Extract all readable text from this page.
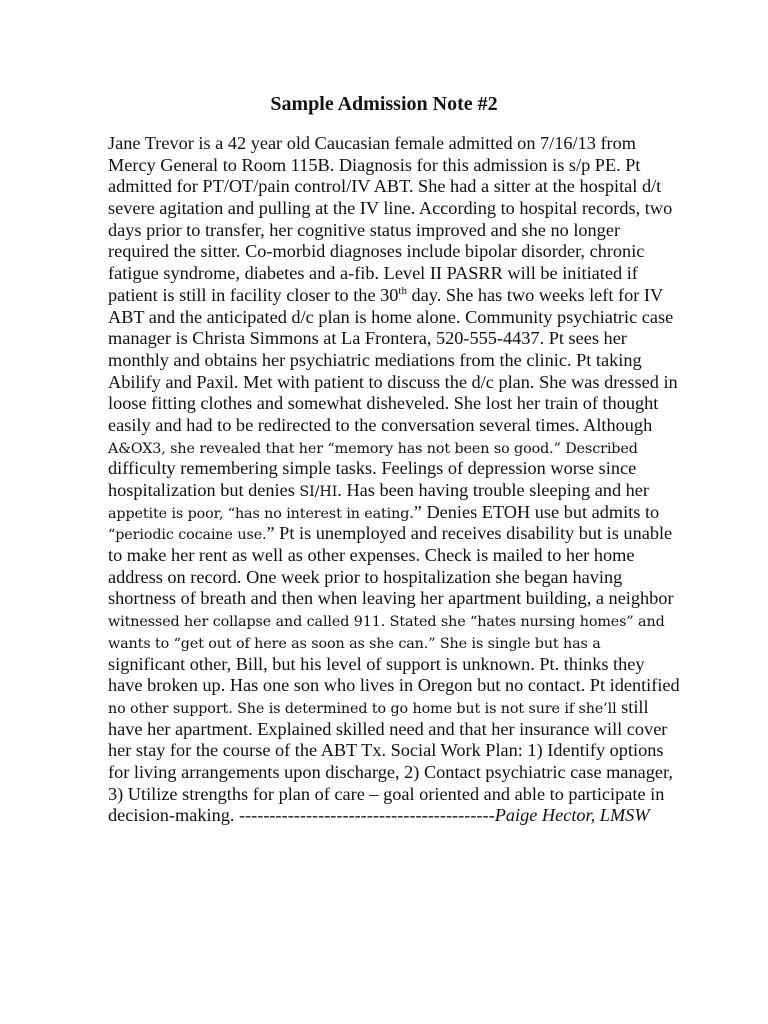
Sample Admission Note #2
Jane Trevor is a 42 year old Caucasian female admitted on 7/16/13 from
Mercy General to Room 115B. Diagnosis for this admission is s/p PE. Pt
admitted for PT/OT/pain control/IV ABT. She had a sitter at the hospital d/t
severe agitation and pulling at the IV line. According to hospital records, two
days prior to transfer, her cognitive status improved and she no longer
required the sitter. Co-morbid diagnoses include bipolar disorder, chronic
fatigue syndrome, diabetes and a-fib. Level II PASRR will be initiated if
patient is still in facility closer to the 30th day. She has two weeks left for IV
ABT and the anticipated d/c plan is home alone. Community psychiatric case
manager is Christa Simmons at La Frontera, 520-555-4437. Pt sees her
monthly and obtains her psychiatric mediations from the clinic. Pt taking
Abilify and Paxil. Met with patient to discuss the d/c plan. She was dressed in
loose fitting clothes and somewhat disheveled. She lost her train of thought
easily and had to be redirected to the conversation several times. Although
A&OX3, she revealed that her “memory has not been so good.” Described
difficulty remembering simple tasks. Feelings of depression worse since
hospitalization but denies SI/HI. Has been having trouble sleeping and her
appetite is poor, “has no interest in eating.” Denies ETOH use but admits to
“periodic cocaine use.” Pt is unemployed and receives disability but is unable
to make her rent as well as other expenses. Check is mailed to her home
address on record. One week prior to hospitalization she began having
shortness of breath and then when leaving her apartment building, a neighbor
witnessed her collapse and called 911. Stated she “hates nursing homes” and
wants to “get out of here as soon as she can.” She is single but has a
significant other, Bill, but his level of support is unknown. Pt. thinks they
have broken up. Has one son who lives in Oregon but no contact. Pt identified
no other support. She is determined to go home but is not sure if she’ll still
have her apartment. Explained skilled need and that her insurance will cover
her stay for the course of the ABT Tx. Social Work Plan: 1) Identify options
for living arrangements upon discharge, 2) Contact psychiatric case manager,
3) Utilize strengths for plan of care – goal oriented and able to participate in
decision-making. ------------------------------------------Paige Hector, LMSW
